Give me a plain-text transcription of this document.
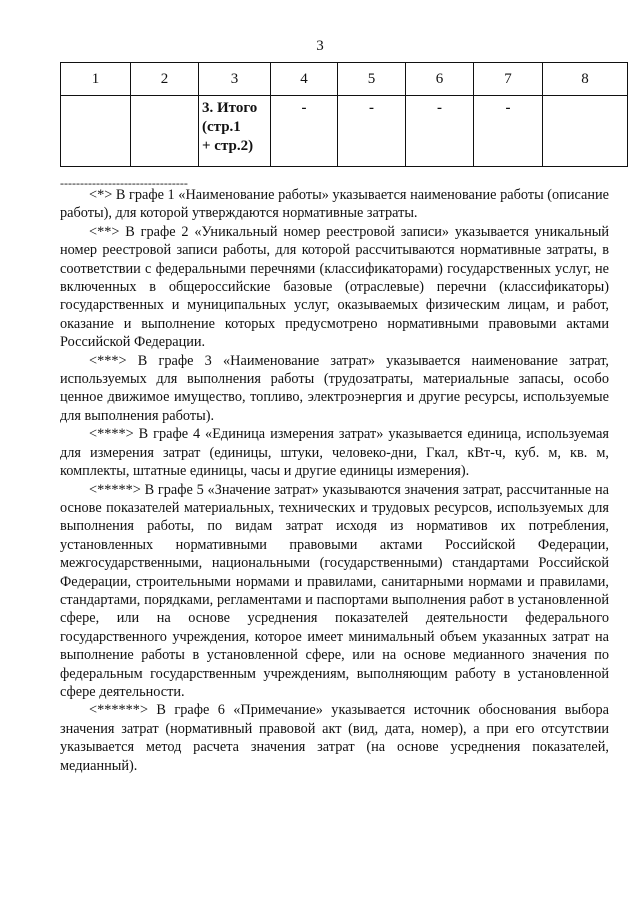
3
1	2	3	4	5	6	7	8
		3. Итого
(стр.1
+ стр.2)	-	-	-	-	
--------------------------------

<*> В графе 1 «Наименование работы» указывается наименование работы (описание работы), для которой утверждаются нормативные затраты.

<**> В графе 2 «Уникальный номер реестровой записи» указывается уникальный номер реестровой записи работы, для которой рассчитываются нормативные затраты, в соответствии с федеральными перечнями (классификаторами) государственных услуг, не включенных в общероссийские базовые (отраслевые) перечни (классификаторы) государственных и муниципальных услуг, оказываемых физическим лицам, и работ, оказание и выполнение которых предусмотрено нормативными правовыми актами Российской Федерации.

<***> В графе 3 «Наименование затрат» указывается наименование затрат, используемых для выполнения работы (трудозатраты, материальные запасы, особо ценное движимое имущество, топливо, электроэнергия и другие ресурсы, используемые для выполнения работы).

<****> В графе 4 «Единица измерения затрат» указывается единица, используемая для измерения затрат (единицы, штуки, человеко-дни, Гкал, кВт-ч, куб. м, кв. м, комплекты, штатные единицы, часы и другие единицы измерения).

<*****> В графе 5 «Значение затрат» указываются значения затрат, рассчитанные на основе показателей материальных, технических и трудовых ресурсов, используемых для выполнения работы, по видам затрат исходя из нормативов их потребления, установленных нормативными правовыми актами Российской Федерации, межгосударственными, национальными (государственными) стандартами Российской Федерации, строительными нормами и правилами, санитарными нормами и правилами, стандартами, порядками, регламентами и паспортами выполнения работ в установленной сфере, или на основе усреднения показателей деятельности федерального государственного учреждения, которое имеет минимальный объем указанных затрат на выполнение работы в установленной сфере, или на основе медианного значения по федеральным государственным учреждениям, выполняющим работу в установленной сфере деятельности.

<******> В графе 6 «Примечание» указывается источник обоснования выбора значения затрат (нормативный правовой акт (вид, дата, номер), а при его отсутствии указывается метод расчета значения затрат (на основе усреднения показателей, медианный).
